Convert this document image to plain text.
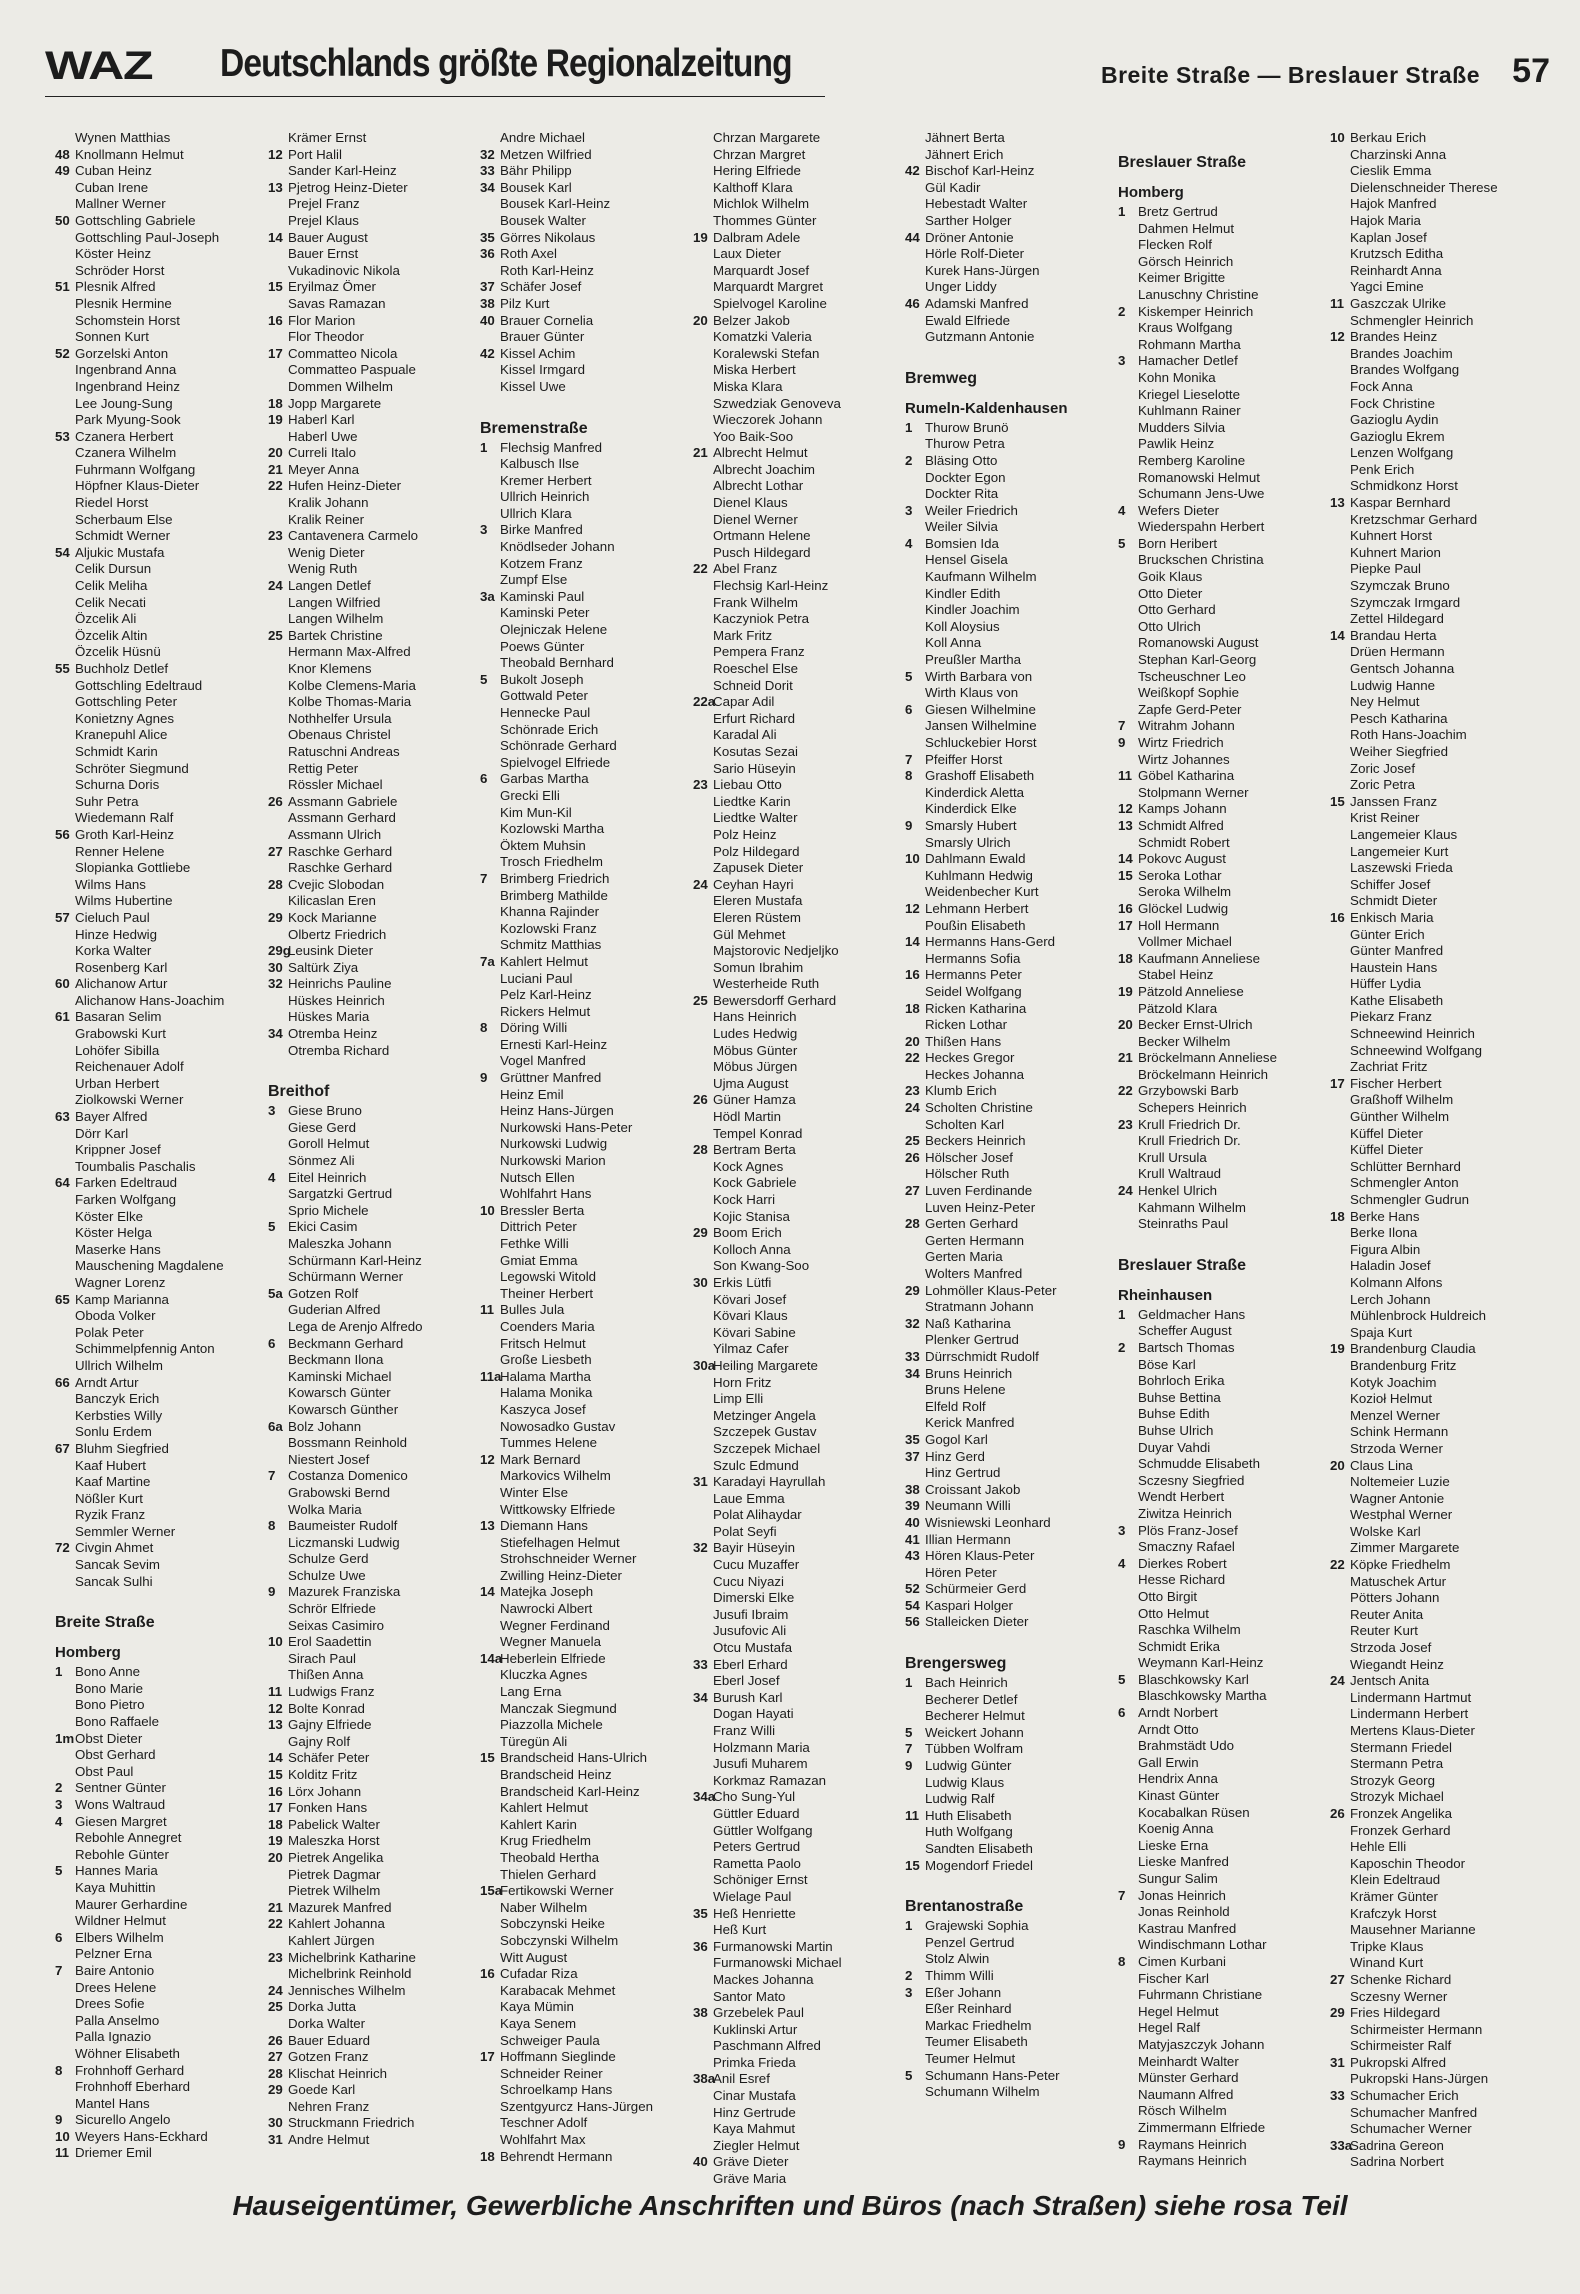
WAZ Deutschlands größte Regionalzeitung	Breite Straße — Breslauer Straße 57
Wynen Matthias
48 Knollmann Helmut
49 Cuban Heinz
Cuban Irene
Mallner Werner
50 Gottschling Gabriele
Gottschling Paul-Joseph
Köster Heinz
Schröder Horst
51 Plesnik Alfred
Plesnik Hermine
Schomstein Horst
Sonnen Kurt
52 Gorzelski Anton
Ingenbrand Anna
Ingenbrand Heinz
Lee Joung-Sung
Park Myung-Sook
53 Czanera Herbert
Czanera Wilhelm
Fuhrmann Wolfgang
Höpfner Klaus-Dieter
Riedel Horst
Scherbaum Else
Schmidt Werner
54 Aljukic Mustafa
Celik Dursun
Celik Meliha
Celik Necati
Özcelik Ali
Özcelik Altin
Özcelik Hüsnü
55 Buchholz Detlef
Gottschling Edeltraud
Gottschling Peter
Konietzny Agnes
Kranepuhl Alice
Schmidt Karin
Schröter Siegmund
Schurna Doris
Suhr Petra
Wiedemann Ralf
56 Groth Karl-Heinz
Renner Helene
Slopianka Gottliebe
Wilms Hans
Wilms Hubertine
57 Cieluch Paul
Hinze Hedwig
Korka Walter
Rosenberg Karl
60 Alichanow Artur
Alichanow Hans-Joachim
61 Basaran Selim
Grabowski Kurt
Lohöfer Sibilla
Reichenauer Adolf
Urban Herbert
Ziolkowski Werner
63 Bayer Alfred
Dörr Karl
Krippner Josef
Toumbalis Paschalis
64 Farken Edeltraud
Farken Wolfgang
Köster Elke
Köster Helga
Maserke Hans
Mauschening Magdalene
Wagner Lorenz
65 Kamp Marianna
Oboda Volker
Polak Peter
Schimmelpfennig Anton
Ullrich Wilhelm
66 Arndt Artur
Banczyk Erich
Kerbsties Willy
Sonlu Erdem
67 Bluhm Siegfried
Kaaf Hubert
Kaaf Martine
Nößler Kurt
Ryzik Franz
Semmler Werner
72 Civgin Ahmet
Sancak Sevim
Sancak Sulhi
Breite Straße
Homberg
1 Bono Anne
Bono Marie
Bono Pietro
Bono Raffaele
1mObst Dieter
Obst Gerhard
Obst Paul
2 Sentner Günter
3 Wons Waltraud
4 Giesen Margret
Rebohle Annegret
Rebohle Günter
5 Hannes Maria
Kaya Muhittin
Maurer Gerhardine
Wildner Helmut
6 Elbers Wilhelm
Pelzner Erna
7 Baire Antonio
Drees Helene
Drees Sofie
Palla Anselmo
Palla Ignazio
Wöhner Elisabeth
8 Frohnhoff Gerhard
Frohnhoff Eberhard
Mantel Hans
9 Sicurello Angelo
10 Weyers Hans-Eckhard
11 Driemer Emil
Krämer Ernst
12 Port Halil
Sander Karl-Heinz
13 Pjetrog Heinz-Dieter
Prejel Franz
Prejel Klaus
14 Bauer August
Bauer Ernst
Vukadinovic Nikola
15 Eryilmaz Ömer
Savas Ramazan
16 Flor Marion
Flor Theodor
17 Commatteo Nicola
Commatteo Paspuale
Dommen Wilhelm
18 Jopp Margarete
19 Haberl Karl
Haberl Uwe
20 Curreli Italo
21 Meyer Anna
22 Hufen Heinz-Dieter
Kralik Johann
Kralik Reiner
23 Cantavenera Carmelo
Wenig Dieter
Wenig Ruth
24 Langen Detlef
Langen Wilfried
Langen Wilhelm
25 Bartek Christine
Hermann Max-Alfred
Knor Klemens
Kolbe Clemens-Maria
Kolbe Thomas-Maria
Nothhelfer Ursula
Obenaus Christel
Ratuschni Andreas
Rettig Peter
Rössler Michael
26 Assmann Gabriele
Assmann Gerhard
Assmann Ulrich
27 Raschke Gerhard
Raschke Gerhard
28 Cvejic Slobodan
Kilicaslan Eren
29 Kock Marianne
Olbertz Friedrich
29gLeusink Dieter
30 Saltürk Ziya
32 Heinrichs Pauline
Hüskes Heinrich
Hüskes Maria
34 Otremba Heinz
Otremba Richard
Breithof
3 Giese Bruno
Giese Gerd
Goroll Helmut
Sönmez Ali
4 Eitel Heinrich
Sargatzki Gertrud
Sprio Michele
5 Ekici Casim
Maleszka Johann
Schürmann Karl-Heinz
Schürmann Werner
5a Gotzen Rolf
Guderian Alfred
Lega de Arenjo Alfredo
6 Beckmann Gerhard
Beckmann Ilona
Kaminski Michael
Kowarsch Günter
Kowarsch Günther
6a Bolz Johann
Bossmann Reinhold
Niestert Josef
7 Costanza Domenico
Grabowski Bernd
Wolka Maria
8 Baumeister Rudolf
Liczmanski Ludwig
Schulze Gerd
Schulze Uwe
9 Mazurek Franziska
Schrör Elfriede
Seixas Casimiro
10 Erol Saadettin
Sirach Paul
Thißen Anna
11 Ludwigs Franz
12 Bolte Konrad
13 Gajny Elfriede
Gajny Rolf
14 Schäfer Peter
15 Kolditz Fritz
16 Lörx Johann
17 Fonken Hans
18 Pabelick Walter
19 Maleszka Horst
20 Pietrek Angelika
Pietrek Dagmar
Pietrek Wilhelm
21 Mazurek Manfred
22 Kahlert Johanna
Kahlert Jürgen
23 Michelbrink Katharine
Michelbrink Reinhold
24 Jennisches Wilhelm
25 Dorka Jutta
Dorka Walter
26 Bauer Eduard
27 Gotzen Franz
28 Klischat Heinrich
29 Goede Karl
Nehren Franz
30 Struckmann Friedrich
31 Andre Helmut
Andre Michael
32 Metzen Wilfried
33 Bähr Philipp
34 Bousek Karl
Bousek Karl-Heinz
Bousek Walter
35 Görres Nikolaus
36 Roth Axel
Roth Karl-Heinz
37 Schäfer Josef
38 Pilz Kurt
40 Brauer Cornelia
Brauer Günter
42 Kissel Achim
Kissel Irmgard
Kissel Uwe
Bremenstraße
1 Flechsig Manfred
Kalbusch Ilse
Kremer Herbert
Ullrich Heinrich
Ullrich Klara
3 Birke Manfred
Knödlseder Johann
Kotzem Franz
Zumpf Else
3a Kaminski Paul
Kaminski Peter
Olejniczak Helene
Poews Günter
Theobald Bernhard
5 Bukolt Joseph
Gottwald Peter
Hennecke Paul
Schönrade Erich
Schönrade Gerhard
Spielvogel Elfriede
6 Garbas Martha
Grecki Elli
Kim Mun-Kil
Kozlowski Martha
Öktem Muhsin
Trosch Friedhelm
7 Brimberg Friedrich
Brimberg Mathilde
Khanna Rajinder
Kozlowski Franz
Schmitz Matthias
7a Kahlert Helmut
Luciani Paul
Pelz Karl-Heinz
Rickers Helmut
8 Döring Willi
Ernesti Karl-Heinz
Vogel Manfred
9 Grüttner Manfred
Heinz Emil
Heinz Hans-Jürgen
Nurkowski Hans-Peter
Nurkowski Ludwig
Nurkowski Marion
Nutsch Ellen
Wohlfahrt Hans
10 Bressler Berta
Dittrich Peter
Fethke Willi
Gmiat Emma
Legowski Witold
Theiner Herbert
11 Bulles Jula
Coenders Maria
Fritsch Helmut
Große Liesbeth
11aHalama Martha
Halama Monika
Kaszyca Josef
Nowosadko Gustav
Tummes Helene
12 Mark Bernard
Markovics Wilhelm
Winter Else
Wittkowsky Elfriede
13 Diemann Hans
Stiefelhagen Helmut
Strohschneider Werner
Zwilling Heinz-Dieter
14 Matejka Joseph
Nawrocki Albert
Wegner Ferdinand
Wegner Manuela
14aHeberlein Elfriede
Kluczka Agnes
Lang Erna
Manczak Siegmund
Piazzolla Michele
Türegün Ali
15 Brandscheid Hans-Ulrich
Brandscheid Heinz
Brandscheid Karl-Heinz
Kahlert Helmut
Kahlert Karin
Krug Friedhelm
Theobald Hertha
Thielen Gerhard
15aFertikowski Werner
Naber Wilhelm
Sobczynski Heike
Sobczynski Wilhelm
Witt August
16 Cufadar Riza
Karabacak Mehmet
Kaya Mümin
Kaya Senem
Schweiger Paula
17 Hoffmann Sieglinde
Schneider Reiner
Schroelkamp Hans
Szentgyurcz Hans-Jürgen
Teschner Adolf
Wohlfahrt Max
18 Behrendt Hermann
Chrzan Margarete
Chrzan Margret
Hering Elfriede
Kalthoff Klara
Michlok Wilhelm
Thommes Günter
19 Dalbram Adele
Laux Dieter
Marquardt Josef
Marquardt Margret
Spielvogel Karoline
20 Belzer Jakob
Komatzki Valeria
Koralewski Stefan
Miska Herbert
Miska Klara
Szwedziak Genoveva
Wieczorek Johann
Yoo Baik-Soo
21 Albrecht Helmut
Albrecht Joachim
Albrecht Lothar
Dienel Klaus
Dienel Werner
Ortmann Helene
Pusch Hildegard
22 Abel Franz
Flechsig Karl-Heinz
Frank Wilhelm
Kaczyniok Petra
Mark Fritz
Pempera Franz
Roeschel Else
Schneid Dorit
22aCapar Adil
Erfurt Richard
Karadal Ali
Kosutas Sezai
Sario Hüseyin
23 Liebau Otto
Liedtke Karin
Liedtke Walter
Polz Heinz
Polz Hildegard
Zapusek Dieter
24 Ceyhan Hayri
Eleren Mustafa
Eleren Rüstem
Gül Mehmet
Majstorovic Nedjeljko
Somun Ibrahim
Westerheide Ruth
25 Bewersdorff Gerhard
Hans Heinrich
Ludes Hedwig
Möbus Günter
Möbus Jürgen
Ujma August
26 Güner Hamza
Hödl Martin
Tempel Konrad
28 Bertram Berta
Kock Agnes
Kock Gabriele
Kock Harri
Kojic Stanisa
29 Boom Erich
Kolloch Anna
Son Kwang-Soo
30 Erkis Lütfi
Kövari Josef
Kövari Klaus
Kövari Sabine
Yilmaz Cafer
30aHeiling Margarete
Horn Fritz
Limp Elli
Metzinger Angela
Szczepek Gustav
Szczepek Michael
Szulc Edmund
31 Karadayi Hayrullah
Laue Emma
Polat Alihaydar
Polat Seyfi
32 Bayir Hüseyin
Cucu Muzaffer
Cucu Niyazi
Dimerski Elke
Jusufi Ibraim
Jusufovic Ali
Otcu Mustafa
33 Eberl Erhard
Eberl Josef
34 Burush Karl
Dogan Hayati
Franz Willi
Holzmann Maria
Jusufi Muharem
Korkmaz Ramazan
34aCho Sung-Yul
Güttler Eduard
Güttler Wolfgang
Peters Gertrud
Rametta Paolo
Schöniger Ernst
Wielage Paul
35 Heß Henriette
Heß Kurt
36 Furmanowski Martin
Furmanowski Michael
Mackes Johanna
Santor Mato
38 Grzebelek Paul
Kuklinski Artur
Paschmann Alfred
Primka Frieda
38aAnil Esref
Cinar Mustafa
Hinz Gertrude
Kaya Mahmut
Ziegler Helmut
40 Gräve Dieter
Gräve Maria
Jähnert Berta
Jähnert Erich
42 Bischof Karl-Heinz
Gül Kadir
Hebestadt Walter
Sarther Holger
44 Dröner Antonie
Hörle Rolf-Dieter
Kurek Hans-Jürgen
Unger Liddy
46 Adamski Manfred
Ewald Elfriede
Gutzmann Antonie
Bremweg
Rumeln-Kaldenhausen
1 Thurow Brunö
Thurow Petra
2 Bläsing Otto
Dockter Egon
Dockter Rita
3 Weiler Friedrich
Weiler Silvia
4 Bomsien Ida
Hensel Gisela
Kaufmann Wilhelm
Kindler Edith
Kindler Joachim
Koll Aloysius
Koll Anna
Preußler Martha
5 Wirth Barbara von
Wirth Klaus von
6 Giesen Wilhelmine
Jansen Wilhelmine
Schluckebier Horst
7 Pfeiffer Horst
8 Grashoff Elisabeth
Kinderdick Aletta
Kinderdick Elke
9 Smarsly Hubert
Smarsly Ulrich
10 Dahlmann Ewald
Kuhlmann Hedwig
Weidenbecher Kurt
12 Lehmann Herbert
Poußin Elisabeth
14 Hermanns Hans-Gerd
Hermanns Sofia
16 Hermanns Peter
Seidel Wolfgang
18 Ricken Katharina
Ricken Lothar
20 Thißen Hans
22 Heckes Gregor
Heckes Johanna
23 Klumb Erich
24 Scholten Christine
Scholten Karl
25 Beckers Heinrich
26 Hölscher Josef
Hölscher Ruth
27 Luven Ferdinande
Luven Heinz-Peter
28 Gerten Gerhard
Gerten Hermann
Gerten Maria
Wolters Manfred
29 Lohmöller Klaus-Peter
Stratmann Johann
32 Naß Katharina
Plenker Gertrud
33 Dürrschmidt Rudolf
34 Bruns Heinrich
Bruns Helene
Elfeld Rolf
Kerick Manfred
35 Gogol Karl
37 Hinz Gerd
Hinz Gertrud
38 Croissant Jakob
39 Neumann Willi
40 Wisniewski Leonhard
41 Illian Hermann
43 Hören Klaus-Peter
Hören Peter
52 Schürmeier Gerd
54 Kaspari Holger
56 Stalleicken Dieter
Brengersweg
1 Bach Heinrich
Becherer Detlef
Becherer Helmut
5 Weickert Johann
7 Tübben Wolfram
9 Ludwig Günter
Ludwig Klaus
Ludwig Ralf
11 Huth Elisabeth
Huth Wolfgang
Sandten Elisabeth
15 Mogendorf Friedel
Brentanostraße
1 Grajewski Sophia
Penzel Gertrud
Stolz Alwin
2 Thimm Willi
3 Eßer Johann
Eßer Reinhard
Markac Friedhelm
Teumer Elisabeth
Teumer Helmut
5 Schumann Hans-Peter
Schumann Wilhelm
Breslauer Straße
Homberg
1 Bretz Gertrud
Dahmen Helmut
Flecken Rolf
Görsch Heinrich
Keimer Brigitte
Lanuschny Christine
2 Kiskemper Heinrich
Kraus Wolfgang
Rohmann Martha
3 Hamacher Detlef
Kohn Monika
Kriegel Lieselotte
Kuhlmann Rainer
Mudders Silvia
Pawlik Heinz
Remberg Karoline
Romanowski Helmut
Schumann Jens-Uwe
4 Wefers Dieter
Wiederspahn Herbert
5 Born Heribert
Bruckschen Christina
Goik Klaus
Otto Dieter
Otto Gerhard
Otto Ulrich
Romanowski August
Stephan Karl-Georg
Tscheuschner Leo
Weißkopf Sophie
Zapfe Gerd-Peter
7 Witrahm Johann
9 Wirtz Friedrich
Wirtz Johannes
11 Göbel Katharina
Stolpmann Werner
12 Kamps Johann
13 Schmidt Alfred
Schmidt Robert
14 Pokovc August
15 Seroka Lothar
Seroka Wilhelm
16 Glöckel Ludwig
17 Holl Hermann
Vollmer Michael
18 Kaufmann Anneliese
Stabel Heinz
19 Pätzold Anneliese
Pätzold Klara
20 Becker Ernst-Ulrich
Becker Wilhelm
21 Bröckelmann Anneliese
Bröckelmann Heinrich
22 Grzybowski Barb
Schepers Heinrich
23 Krull Friedrich Dr.
Krull Friedrich Dr.
Krull Ursula
Krull Waltraud
24 Henkel Ulrich
Kahmann Wilhelm
Steinraths Paul
Breslauer Straße
Rheinhausen
1 Geldmacher Hans
Scheffer August
2 Bartsch Thomas
Böse Karl
Bohrloch Erika
Buhse Bettina
Buhse Edith
Buhse Ulrich
Duyar Vahdi
Schmudde Elisabeth
Sczesny Siegfried
Wendt Herbert
Ziwitza Heinrich
3 Plös Franz-Josef
Smaczny Rafael
4 Dierkes Robert
Hesse Richard
Otto Birgit
Otto Helmut
Raschka Wilhelm
Schmidt Erika
Weymann Karl-Heinz
5 Blaschkowsky Karl
Blaschkowsky Martha
6 Arndt Norbert
Arndt Otto
Brahmstädt Udo
Gall Erwin
Hendrix Anna
Kinast Günter
Kocabalkan Rüsen
Koenig Anna
Lieske Erna
Lieske Manfred
Sungur Salim
7 Jonas Heinrich
Jonas Reinhold
Kastrau Manfred
Windischmann Lothar
8 Cimen Kurbani
Fischer Karl
Fuhrmann Christiane
Hegel Helmut
Hegel Ralf
Matyjaszczyk Johann
Meinhardt Walter
Münster Gerhard
Naumann Alfred
Rösch Wilhelm
Zimmermann Elfriede
9 Raymans Heinrich
Raymans Heinrich
10 Berkau Erich
Charzinski Anna
Cieslik Emma
Dielenschneider Therese
Hajok Manfred
Hajok Maria
Kaplan Josef
Krutzsch Editha
Reinhardt Anna
Yagci Emine
11 Gaszczak Ulrike
Schmengler Heinrich
12 Brandes Heinz
Brandes Joachim
Brandes Wolfgang
Fock Anna
Fock Christine
Gazioglu Aydin
Gazioglu Ekrem
Lenzen Wolfgang
Penk Erich
Schmidkonz Horst
13 Kaspar Bernhard
Kretzschmar Gerhard
Kuhnert Horst
Kuhnert Marion
Piepke Paul
Szymczak Bruno
Szymczak Irmgard
Zettel Hildegard
14 Brandau Herta
Drüen Hermann
Gentsch Johanna
Ludwig Hanne
Ney Helmut
Pesch Katharina
Roth Hans-Joachim
Weiher Siegfried
Zoric Josef
Zoric Petra
15 Janssen Franz
Krist Reiner
Langemeier Klaus
Langemeier Kurt
Laszewski Frieda
Schiffer Josef
Schmidt Dieter
16 Enkisch Maria
Günter Erich
Günter Manfred
Haustein Hans
Hüffer Lydia
Kathe Elisabeth
Piekarz Franz
Schneewind Heinrich
Schneewind Wolfgang
Zachriat Fritz
17 Fischer Herbert
Graßhoff Wilhelm
Günther Wilhelm
Küffel Dieter
Küffel Dieter
Schlütter Bernhard
Schmengler Anton
Schmengler Gudrun
18 Berke Hans
Berke Ilona
Figura Albin
Haladin Josef
Kolmann Alfons
Lerch Johann
Mühlenbrock Huldreich
Spaja Kurt
19 Brandenburg Claudia
Brandenburg Fritz
Kotyk Joachim
Kozioł Helmut
Menzel Werner
Schink Hermann
Strzoda Werner
20 Claus Lina
Noltemeier Luzie
Wagner Antonie
Westphal Werner
Wolske Karl
Zimmer Margarete
22 Köpke Friedhelm
Matuschek Artur
Pötters Johann
Reuter Anita
Reuter Kurt
Strzoda Josef
Wiegandt Heinz
24 Jentsch Anita
Lindermann Hartmut
Lindermann Herbert
Mertens Klaus-Dieter
Stermann Friedel
Stermann Petra
Strozyk Georg
Strozyk Michael
26 Fronzek Angelika
Fronzek Gerhard
Hehle Elli
Kaposchin Theodor
Klein Edeltraud
Krämer Günter
Krafczyk Horst
Mausehner Marianne
Tripke Klaus
Winand Kurt
27 Schenke Richard
Sczesny Werner
29 Fries Hildegard
Schirmeister Hermann
Schirmeister Ralf
31 Pukropski Alfred
Pukropski Hans-Jürgen
33 Schumacher Erich
Schumacher Manfred
Schumacher Werner
33aSadrina Gereon
Sadrina Norbert
Hauseigentümer, Gewerbliche Anschriften und Büros (nach Straßen) siehe rosa Teil
